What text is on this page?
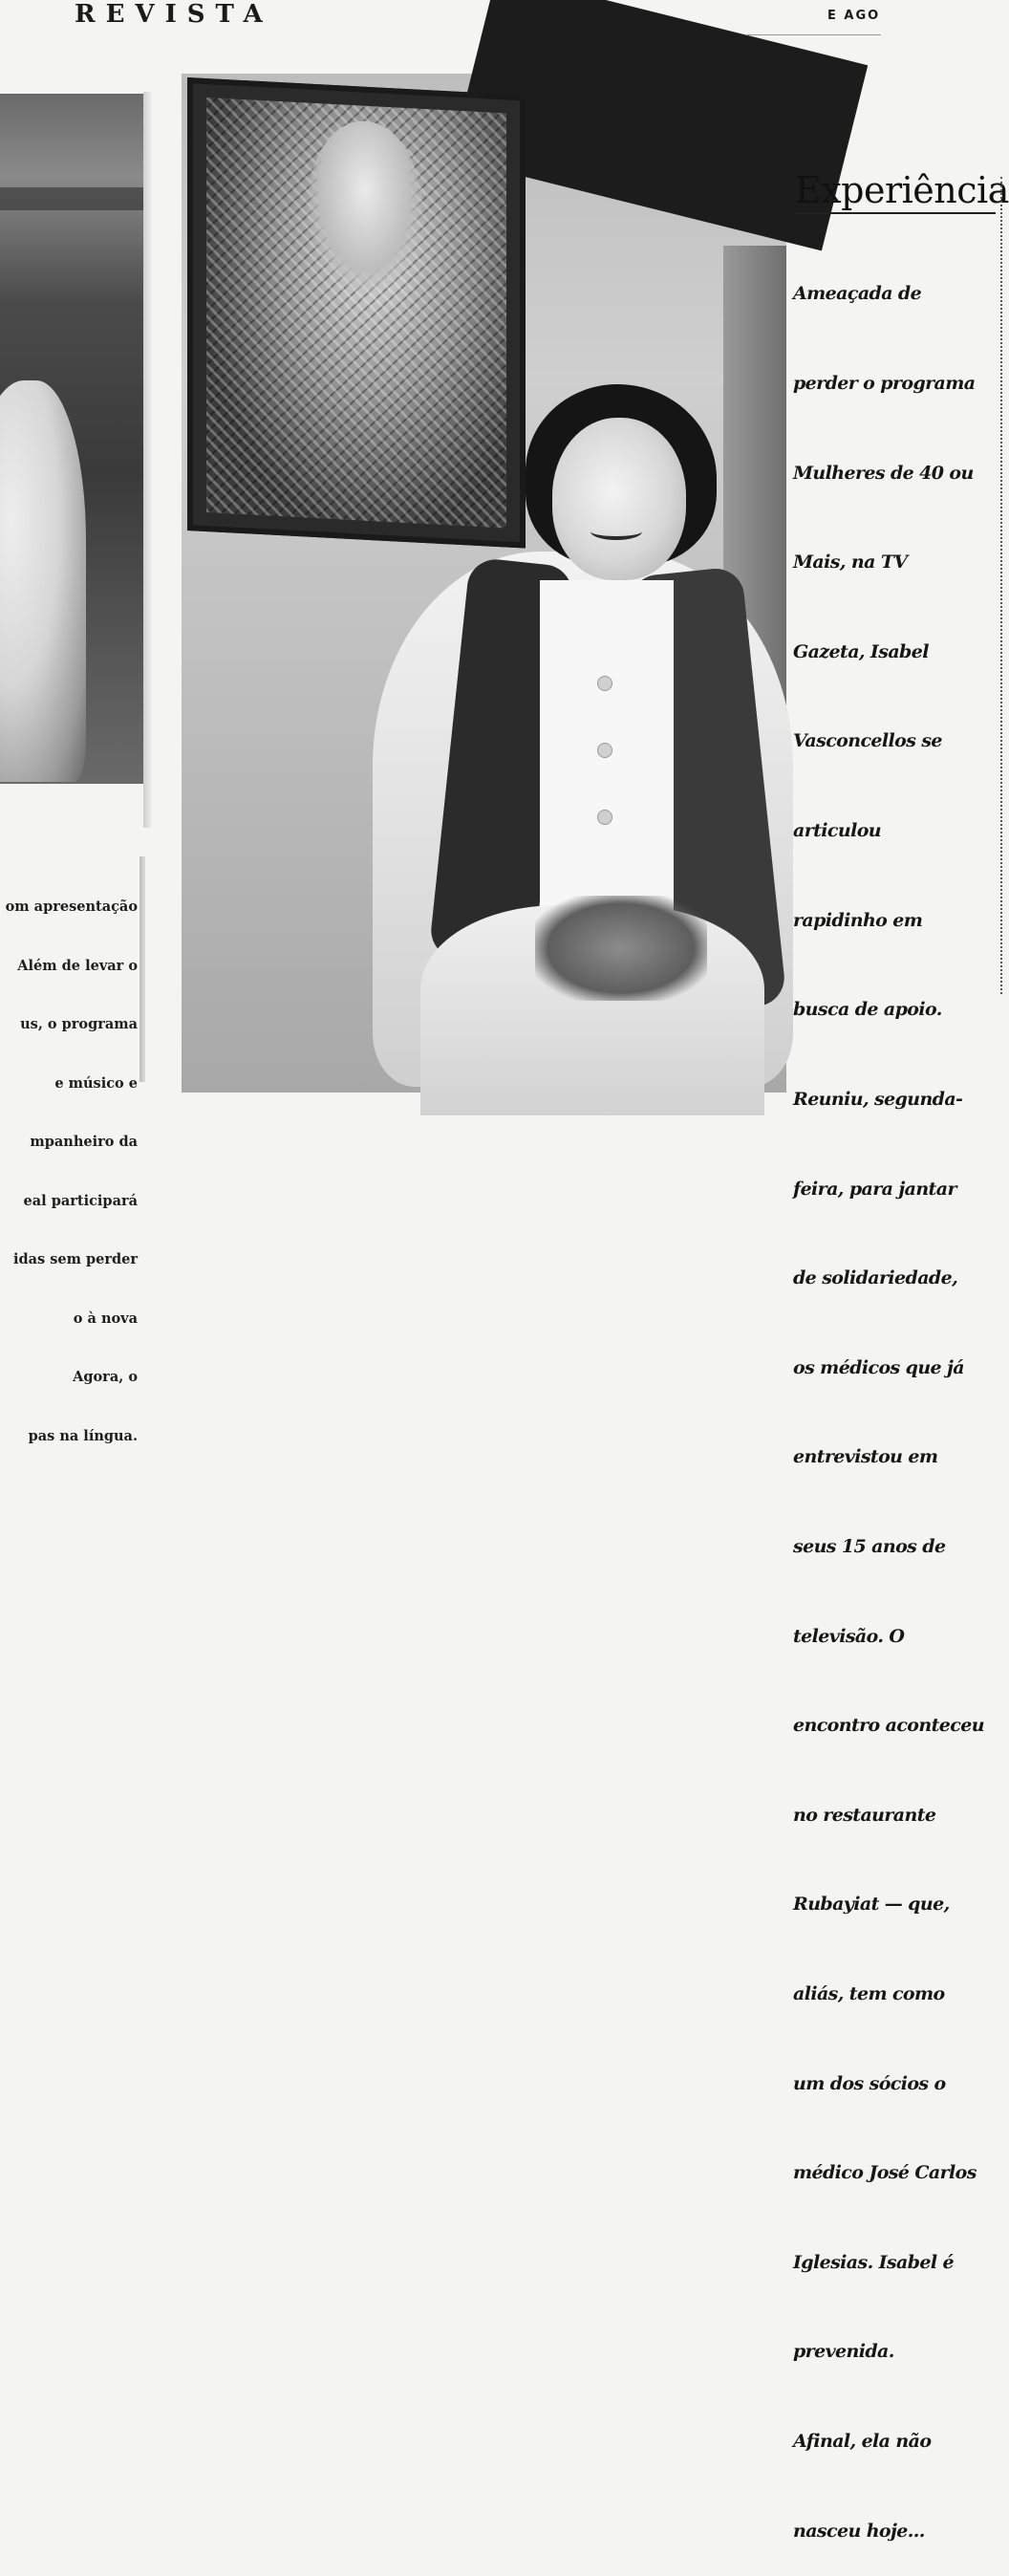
REVISTA	E AGO

om apresentação

Além de levar o

us, o programa

e músico e

mpanheiro da

eal participará

idas sem perder

o à nova

Agora, o

pas na língua.

Experiência

Ameaçada de

perder o programa

Mulheres de 40 ou

Mais, na TV

Gazeta, Isabel

Vasconcellos se

articulou

rapidinho em

busca de apoio.

Reuniu, segunda-

feira, para jantar

de solidariedade,

os médicos que já

entrevistou em

seus 15 anos de

televisão. O

encontro aconteceu

no restaurante

Rubayiat — que,

aliás, tem como

um dos sócios o

médico José Carlos

Iglesias. Isabel é

prevenida.

Afinal, ela não

nasceu hoje...
